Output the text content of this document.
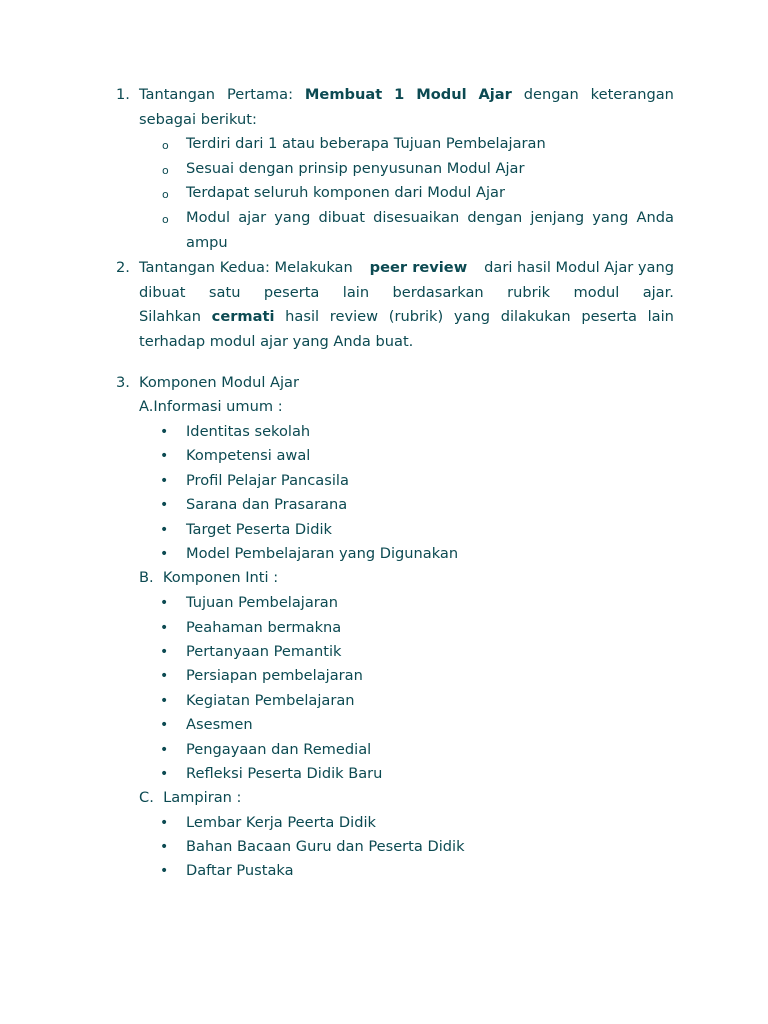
1. Tantangan Pertama: Membuat 1 Modul Ajar dengan keterangan
sebagai berikut:
o Terdiri dari 1 atau beberapa Tujuan Pembelajaran
o Sesuai dengan prinsip penyusunan Modul Ajar
o Terdapat seluruh komponen dari Modul Ajar
o Modul ajar yang dibuat disesuaikan dengan jenjang yang Anda
ampu
2. Tantangan Kedua: Melakukan peer review dari hasil Modul Ajar yang
dibuat satu peserta lain berdasarkan rubrik modul ajar.
Silahkan cermati hasil review (rubrik) yang dilakukan peserta lain
terhadap modul ajar yang Anda buat.
3. Komponen Modul Ajar
A.Informasi umum :
• Identitas sekolah
• Kompetensi awal
• Profil Pelajar Pancasila
• Sarana dan Prasarana
• Target Peserta Didik
• Model Pembelajaran yang Digunakan
B.  Komponen Inti :
• Tujuan Pembelajaran
• Peahaman bermakna
• Pertanyaan Pemantik
• Persiapan pembelajaran
• Kegiatan Pembelajaran
• Asesmen
• Pengayaan dan Remedial
• Refleksi Peserta Didik Baru
C.  Lampiran :
• Lembar Kerja Peerta Didik
• Bahan Bacaan Guru dan Peserta Didik
• Daftar Pustaka
